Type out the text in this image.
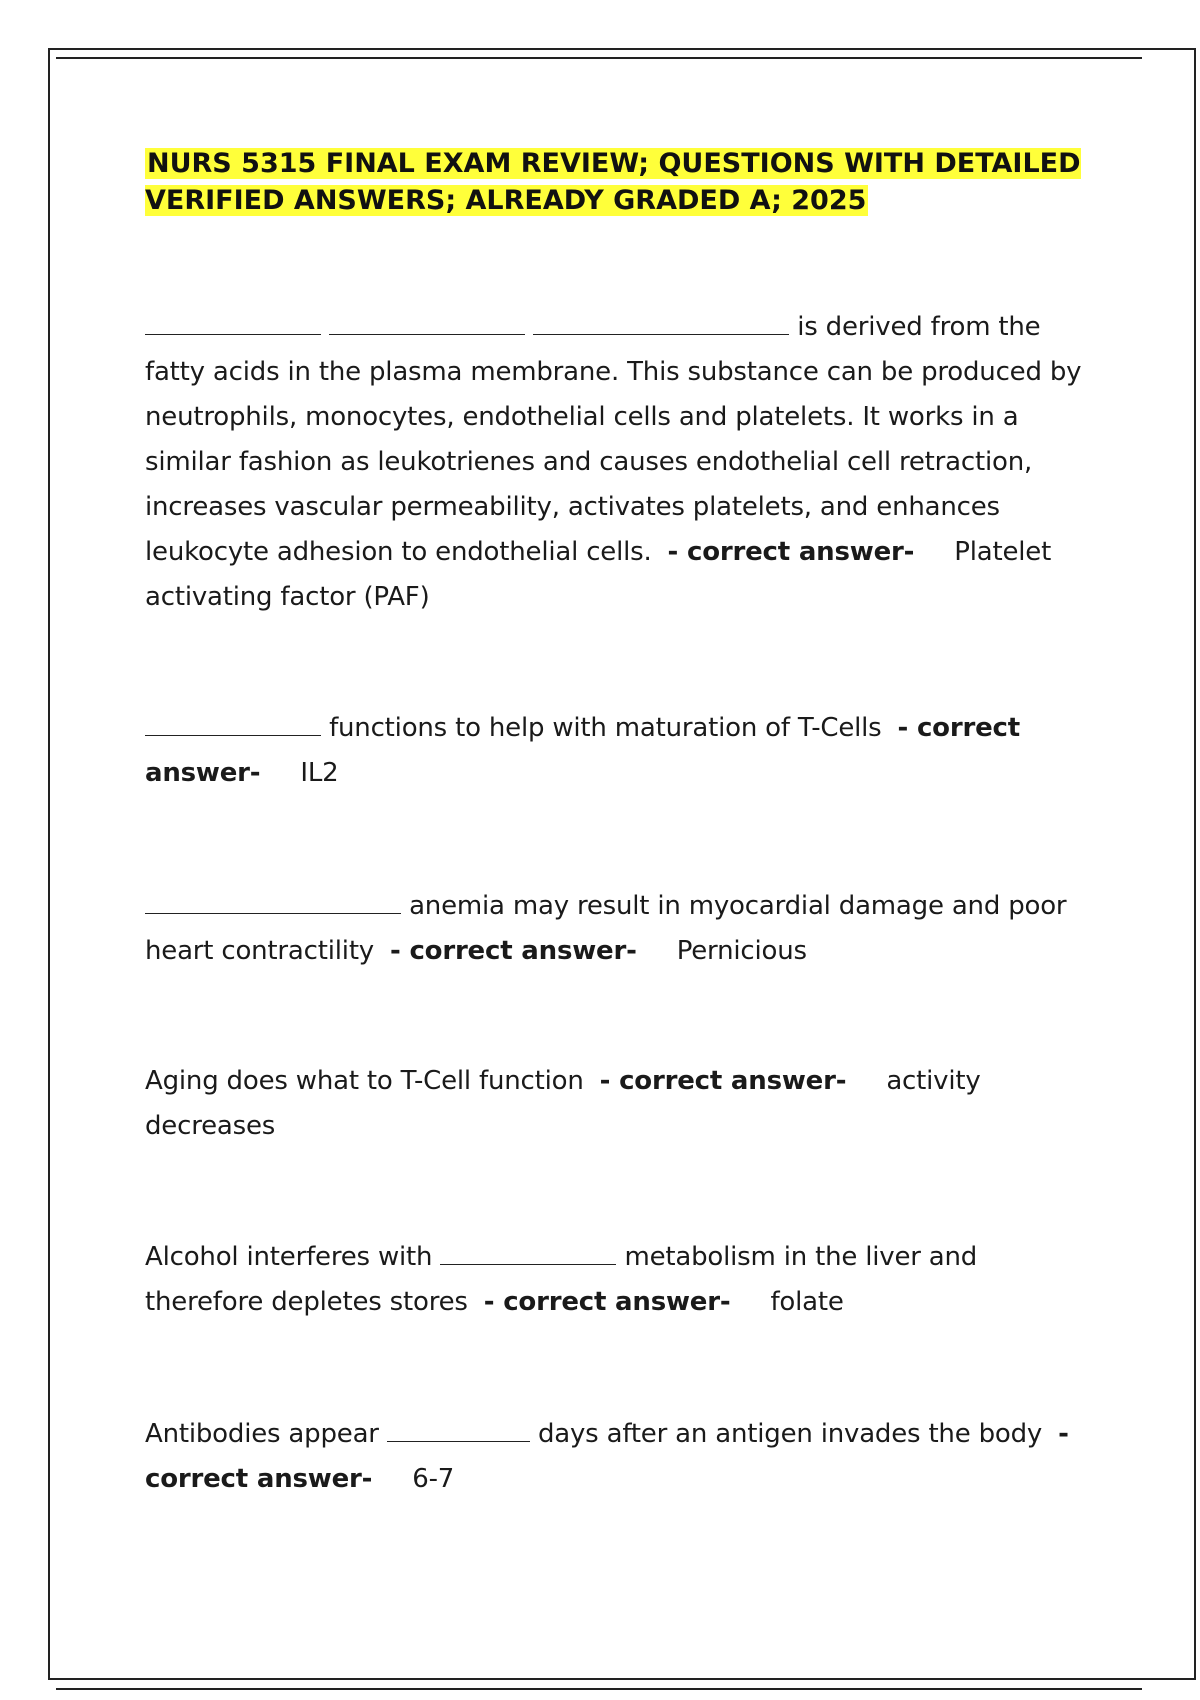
NURS 5315 FINAL EXAM REVIEW; QUESTIONS WITH DETAILED VERIFIED ANSWERS; ALREADY GRADED A; 2025

is derived from the fatty acids in the plasma membrane. This substance can be produced by neutrophils, monocytes, endothelial cells and platelets. It works in a similar fashion as leukotrienes and causes endothelial cell retraction, increases vascular permeability, activates platelets, and enhances leukocyte adhesion to endothelial cells. - correct answer- Platelet activating factor (PAF)

functions to help with maturation of T-Cells - correct answer- IL2

anemia may result in myocardial damage and poor heart contractility - correct answer- Pernicious

Aging does what to T-Cell function - correct answer- activity decreases

Alcohol interferes with	metabolism in the liver and therefore depletes stores - correct answer- folate

Antibodies appear	days after an antigen invades the body - correct answer- 6-7
